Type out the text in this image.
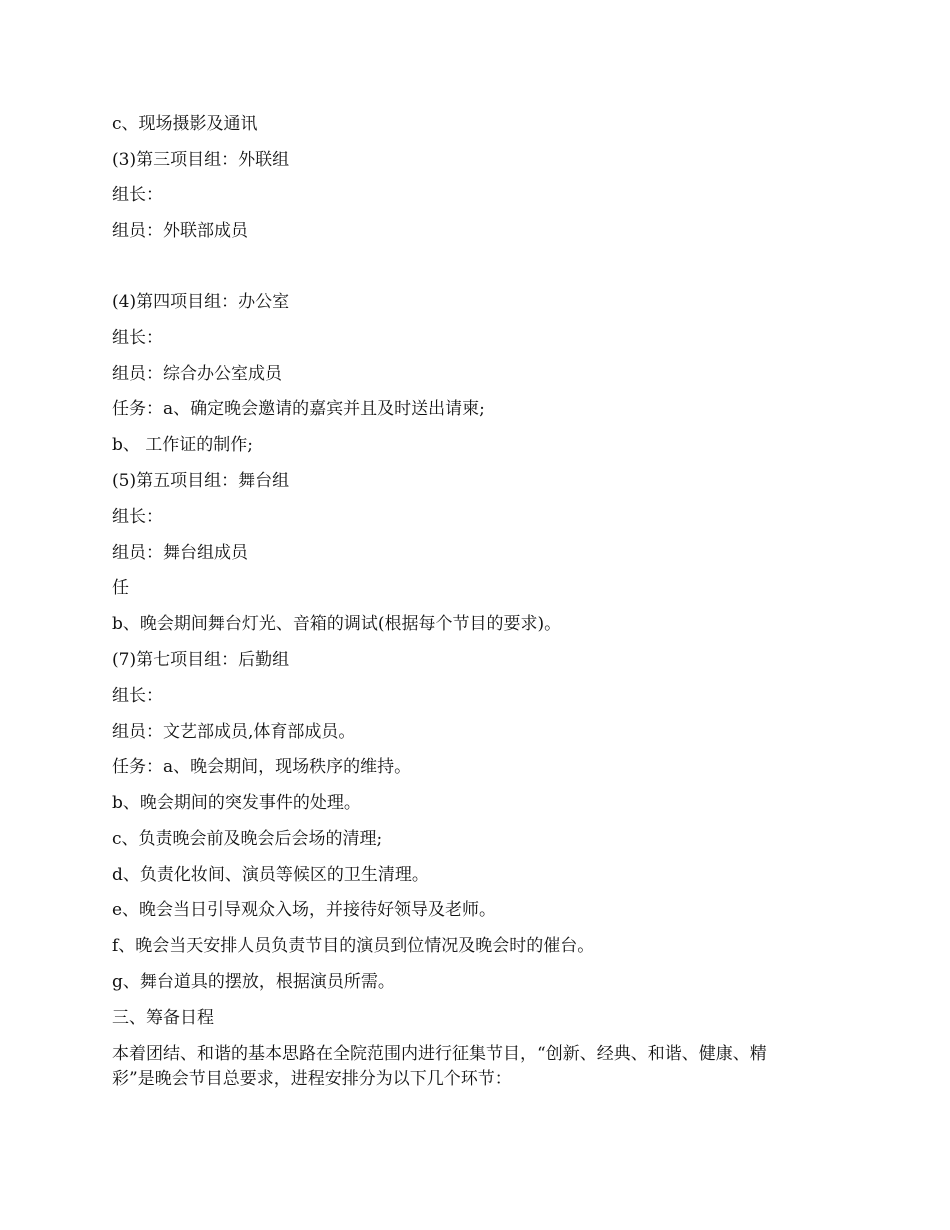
c、现场摄影及通讯
(3)第三项目组：外联组
组长：
组员：外联部成员
(4)第四项目组：办公室
组长：
组员：综合办公室成员
任务：a、确定晚会邀请的嘉宾并且及时送出请柬;
b、 工作证的制作;
(5)第五项目组：舞台组
组长：
组员：舞台组成员
任
b、晚会期间舞台灯光、音箱的调试(根据每个节目的要求)。
(7)第七项目组：后勤组
组长：
组员：文艺部成员,体育部成员。
任务：a、晚会期间，现场秩序的维持。
b、晚会期间的突发事件的处理。
c、负责晚会前及晚会后会场的清理;
d、负责化妆间、演员等候区的卫生清理。
e、晚会当日引导观众入场，并接待好领导及老师。
f、晚会当天安排人员负责节目的演员到位情况及晚会时的催台。
g、舞台道具的摆放，根据演员所需。
三、筹备日程
本着团结、和谐的基本思路在全院范围内进行征集节目，“创新、经典、和谐、健康、精
彩”是晚会节目总要求，进程安排分为以下几个环节：
